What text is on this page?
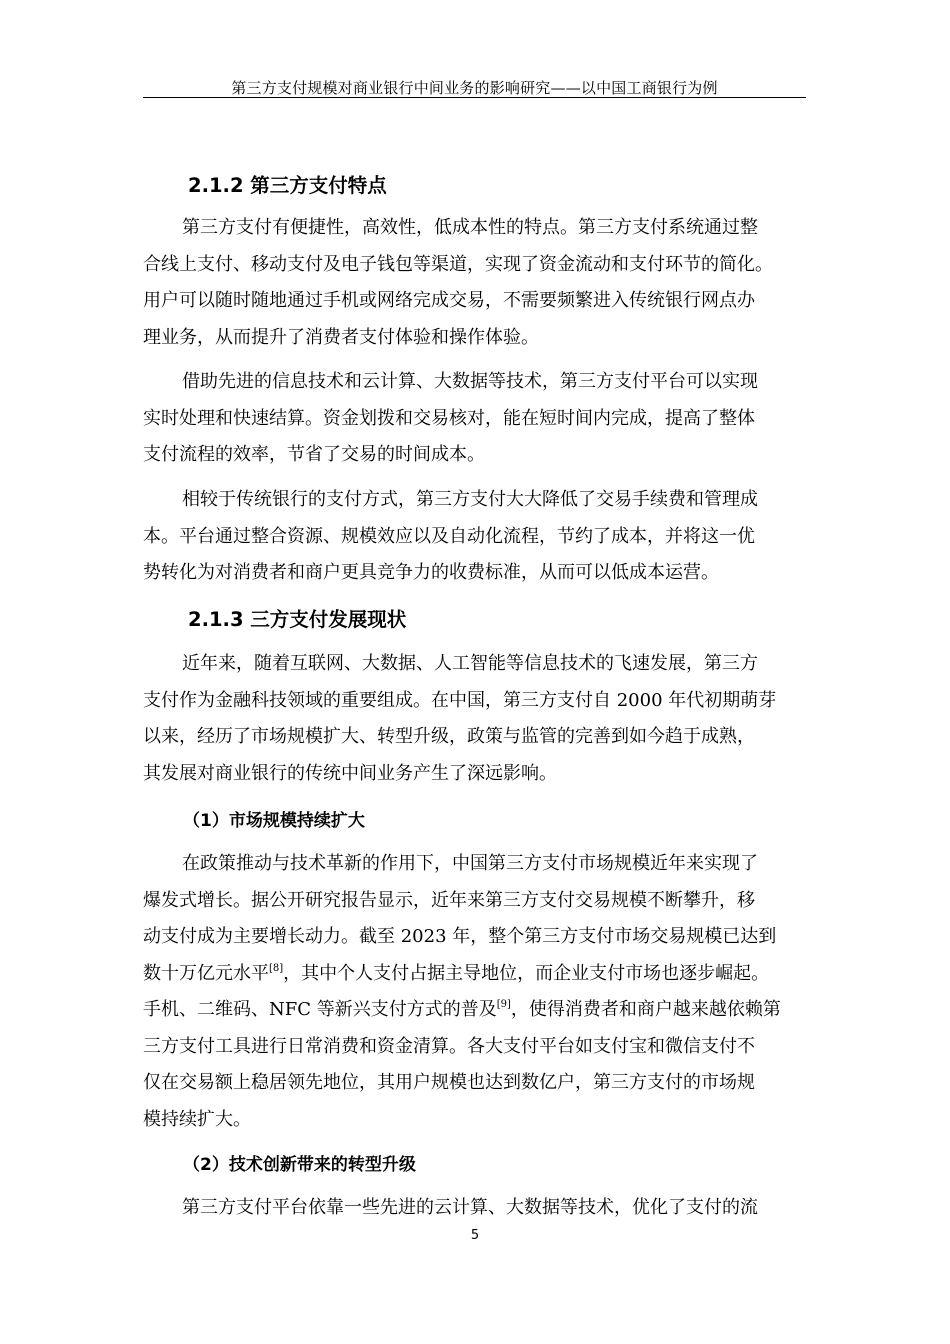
第三方支付规模对商业银行中间业务的影响研究——以中国工商银行为例
2.1.2 第三方支付特点
第三方支付有便捷性，高效性，低成本性的特点。第三方支付系统通过整
合线上支付、移动支付及电子钱包等渠道，实现了资金流动和支付环节的简化。
用户可以随时随地通过手机或网络完成交易，不需要频繁进入传统银行网点办
理业务，从而提升了消费者支付体验和操作体验。
借助先进的信息技术和云计算、大数据等技术，第三方支付平台可以实现
实时处理和快速结算。资金划拨和交易核对，能在短时间内完成，提高了整体
支付流程的效率，节省了交易的时间成本。
相较于传统银行的支付方式，第三方支付大大降低了交易手续费和管理成
本。平台通过整合资源、规模效应以及自动化流程，节约了成本，并将这一优
势转化为对消费者和商户更具竞争力的收费标准，从而可以低成本运营。
2.1.3 三方支付发展现状
近年来，随着互联网、大数据、人工智能等信息技术的飞速发展，第三方
支付作为金融科技领域的重要组成。在中国，第三方支付自 2000 年代初期萌芽
以来，经历了市场规模扩大、转型升级，政策与监管的完善到如今趋于成熟，
其发展对商业银行的传统中间业务产生了深远影响。
（1）市场规模持续扩大
在政策推动与技术革新的作用下，中国第三方支付市场规模近年来实现了
爆发式增长。据公开研究报告显示，近年来第三方支付交易规模不断攀升，移
动支付成为主要增长动力。截至 2023 年，整个第三方支付市场交易规模已达到
数十万亿元水平[8]，其中个人支付占据主导地位，而企业支付市场也逐步崛起。
手机、二维码、NFC 等新兴支付方式的普及[9]，使得消费者和商户越来越依赖第
三方支付工具进行日常消费和资金清算。各大支付平台如支付宝和微信支付不
仅在交易额上稳居领先地位，其用户规模也达到数亿户，第三方支付的市场规
模持续扩大。
（2）技术创新带来的转型升级
第三方支付平台依靠一些先进的云计算、大数据等技术，优化了支付的流
5
